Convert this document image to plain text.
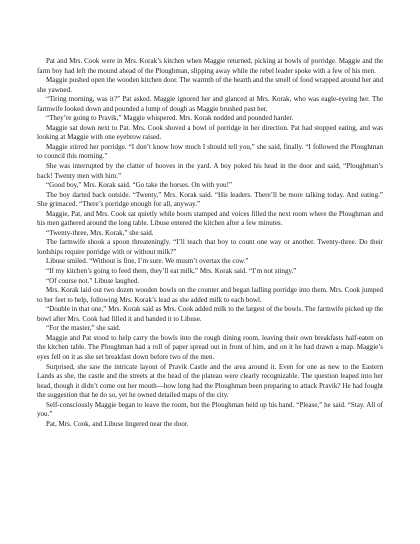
Pat and Mrs. Cook were in Mrs. Korak’s kitchen when Maggie returned, picking at bowls of porridge. Maggie and the farm boy had left the mound ahead of the Ploughman, slipping away while the rebel leader spoke with a few of his men.

Maggie pushed open the wooden kitchen door. The warmth of the hearth and the smell of food wrapped around her and she yawned.

“Tiring morning, was it?” Pat asked. Maggie ignored her and glanced at Mrs. Korak, who was eagle-eyeing her. The farmwife looked down and pounded a lump of dough as Maggie brushed past her.

“They’re going to Pravik,” Maggie whispered. Mrs. Korak nodded and pounded harder.

Maggie sat down next to Pat. Mrs. Cook shoved a bowl of porridge in her direction. Pat had stopped eating, and was looking at Maggie with one eyebrow raised.

Maggie stirred her porridge. “I don’t know how much I should tell you,” she said, finally. “I followed the Ploughman to council this morning.”

She was interrupted by the clatter of hooves in the yard. A boy poked his head in the door and said, “Ploughman’s back! Twenty men with him.”

“Good boy,” Mrs. Korak said. “Go take the horses. On with you!”

The boy darted back outside. “Twenty,” Mrs. Korak said. “His leaders. There’ll be more talking today. And eating.” She grimaced. “There’s porridge enough for all, anyway.”

Maggie, Pat, and Mrs. Cook sat quietly while boots stamped and voices filled the next room where the Ploughman and his men gathered around the long table. Libuse entered the kitchen after a few minutes.

“Twenty-three, Mrs. Korak,” she said.

The farmwife shook a spoon threateningly. “I’ll teach that boy to count one way or another. Twenty-three. Do their lordships require porridge with or without milk?”

Libuse smiled. “Without is fine, I’m sure. We mustn’t overtax the cow.”

“If my kitchen’s going to feed them, they’ll eat milk,” Mrs. Korak said. “I’m not stingy.”

“Of course not.” Libuse laughed.

Mrs. Korak laid out two dozen wooden bowls on the counter and began ladling porridge into them. Mrs. Cook jumped to her feet to help, following Mrs. Korak’s lead as she added milk to each bowl.

“Double in that one,” Mrs. Korak said as Mrs. Cook added milk to the largest of the bowls. The farmwife picked up the bowl after Mrs. Cook had filled it and handed it to Libuse.

“For the master,” she said.

Maggie and Pat stood to help carry the bowls into the rough dining room, leaving their own breakfasts half-eaten on the kitchen table. The Ploughman had a roll of paper spread out in front of him, and on it he had drawn a map. Maggie’s eyes fell on it as she set breakfast down before two of the men.

Surprised, she saw the intricate layout of Pravik Castle and the area around it. Even for one as new to the Eastern Lands as she, the castle and the streets at the head of the plateau were clearly recognizable. The question leaped into her head, though it didn’t come out her mouth—how long had the Ploughman been preparing to attack Pravik? He had fought the suggestion that he do so, yet he owned detailed maps of the city.

Self-consciously Maggie began to leave the room, but the Ploughman held up his hand. “Please,” he said. “Stay. All of you.”

Pat, Mrs. Cook, and Libuse lingered near the door.
